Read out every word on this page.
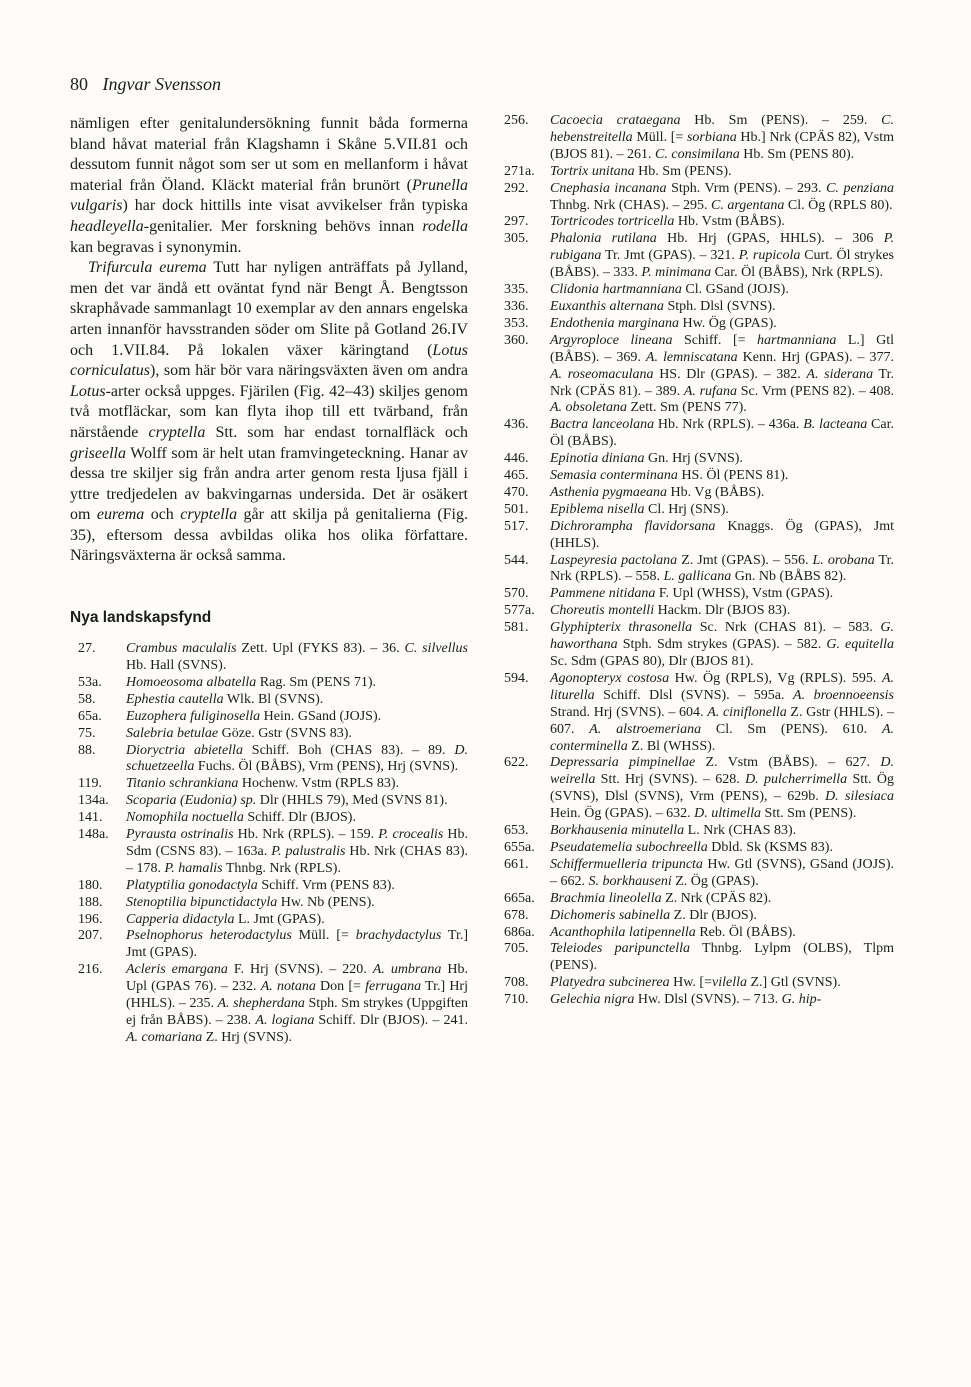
80 Ingvar Svensson

nämligen efter genitalundersökning funnit båda formerna bland håvat material från Klagshamn i Skåne 5.VII.81 och dessutom funnit något som ser ut som en mellanform i håvat material från Öland. Kläckt material från brunört (Prunella vulgaris) har dock hittills inte visat avvikelser från typiska headleyella-genitalier. Mer forskning behövs innan rodella kan begravas i synonymin.

Trifurcula eurema Tutt har nyligen anträffats på Jylland, men det var ändå ett oväntat fynd när Bengt Å. Bengtsson skraphåvade sammanlagt 10 exemplar av den annars engelska arten innanför havsstranden söder om Slite på Gotland 26.IV och 1.VII.84. På lokalen växer käringtand (Lotus corniculatus), som här bör vara näringsväxten även om andra Lotus-arter också uppges. Fjärilen (Fig. 42–43) skiljes genom två motfläckar, som kan flyta ihop till ett tvärband, från närstående cryptella Stt. som har endast tornalfläck och griseella Wolff som är helt utan framvingeteckning. Hanar av dessa tre skiljer sig från andra arter genom resta ljusa fjäll i yttre tredjedelen av bakvingarnas undersida. Det är osäkert om eurema och cryptella går att skilja på genitalierna (Fig. 35), eftersom dessa avbildas olika hos olika författare. Näringsväxterna är också samma.

Nya landskapsfynd
27.	Crambus maculalis Zett. Upl (FYKS 83). – 36. C. silvellus Hb. Hall (SVNS).
53a.	Homoeosoma albatella Rag. Sm (PENS 71).
58.	Ephestia cautella Wlk. Bl (SVNS).
65a.	Euzophera fuliginosella Hein. GSand (JOJS).
75.	Salebria betulae Göze. Gstr (SVNS 83).
88.	Dioryctria abietella Schiff. Boh (CHAS 83). – 89. D. schuetzeella Fuchs. Öl (BÅBS), Vrm (PENS), Hrj (SVNS).
119.	Titanio schrankiana Hochenw. Vstm (RPLS 83).
134a.	Scoparia (Eudonia) sp. Dlr (HHLS 79), Med (SVNS 81).
141.	Nomophila noctuella Schiff. Dlr (BJOS).
148a.	Pyrausta ostrinalis Hb. Nrk (RPLS). – 159. P. crocealis Hb. Sdm (CSNS 83). – 163a. P. palustralis Hb. Nrk (CHAS 83). – 178. P. hamalis Thnbg. Nrk (RPLS).
180.	Platyptilia gonodactyla Schiff. Vrm (PENS 83).
188.	Stenoptilia bipunctidactyla Hw. Nb (PENS).
196.	Capperia didactyla L. Jmt (GPAS).
207.	Pselnophorus heterodactylus Müll. [= brachydactylus Tr.] Jmt (GPAS).
216.	Acleris emargana F. Hrj (SVNS). – 220. A. umbrana Hb. Upl (GPAS 76). – 232. A. notana Don [= ferrugana Tr.] Hrj (HHLS). – 235. A. shepherdana Stph. Sm strykes (Uppgiften ej från BÅBS). – 238. A. logiana Schiff. Dlr (BJOS). – 241. A. comariana Z. Hrj (SVNS).
256.	Cacoecia crataegana Hb. Sm (PENS). – 259. C. hebenstreitella Müll. [= sorbiana Hb.] Nrk (CPÄS 82), Vstm (BJOS 81). – 261. C. consimilana Hb. Sm (PENS 80).
271a.	Tortrix unitana Hb. Sm (PENS).
292.	Cnephasia incanana Stph. Vrm (PENS). – 293. C. penziana Thnbg. Nrk (CHAS). – 295. C. argentana Cl. Ög (RPLS 80).
297.	Tortricodes tortricella Hb. Vstm (BÅBS).
305.	Phalonia rutilana Hb. Hrj (GPAS, HHLS). – 306 P. rubigana Tr. Jmt (GPAS). – 321. P. rupicola Curt. Öl strykes (BÅBS). – 333. P. minimana Car. Öl (BÅBS), Nrk (RPLS).
335.	Clidonia hartmanniana Cl. GSand (JOJS).
336.	Euxanthis alternana Stph. Dlsl (SVNS).
353.	Endothenia marginana Hw. Ög (GPAS).
360.	Argyroploce lineana Schiff. [= hartmanniana L.] Gtl (BÅBS). – 369. A. lemniscatana Kenn. Hrj (GPAS). – 377. A. roseomaculana HS. Dlr (GPAS). – 382. A. siderana Tr. Nrk (CPÄS 81). – 389. A. rufana Sc. Vrm (PENS 82). – 408. A. obsoletana Zett. Sm (PENS 77).
436.	Bactra lanceolana Hb. Nrk (RPLS). – 436a. B. lacteana Car. Öl (BÅBS).
446.	Epinotia diniana Gn. Hrj (SVNS).
465.	Semasia conterminana HS. Öl (PENS 81).
470.	Asthenia pygmaeana Hb. Vg (BÅBS).
501.	Epiblema nisella Cl. Hrj (SNS).
517.	Dichrorampha flavidorsana Knaggs. Ög (GPAS), Jmt (HHLS).
544.	Laspeyresia pactolana Z. Jmt (GPAS). – 556. L. orobana Tr. Nrk (RPLS). – 558. L. gallicana Gn. Nb (BÅBS 82).
570.	Pammene nitidana F. Upl (WHSS), Vstm (GPAS).
577a.	Choreutis montelli Hackm. Dlr (BJOS 83).
581.	Glyphipterix thrasonella Sc. Nrk (CHAS 81). – 583. G. haworthana Stph. Sdm strykes (GPAS). – 582. G. equitella Sc. Sdm (GPAS 80), Dlr (BJOS 81).
594.	Agonopteryx costosa Hw. Ög (RPLS), Vg (RPLS). 595. A. liturella Schiff. Dlsl (SVNS). – 595a. A. broennoeensis Strand. Hrj (SVNS). – 604. A. ciniflonella Z. Gstr (HHLS). – 607. A. alstroemeriana Cl. Sm (PENS). 610. A. conterminella Z. Bl (WHSS).
622.	Depressaria pimpinellae Z. Vstm (BÅBS). – 627. D. weirella Stt. Hrj (SVNS). – 628. D. pulcherrimella Stt. Ög (SVNS), Dlsl (SVNS), Vrm (PENS), – 629b. D. silesiaca Hein. Ög (GPAS). – 632. D. ultimella Stt. Sm (PENS).
653.	Borkhausenia minutella L. Nrk (CHAS 83).
655a.	Pseudatemelia subochreella Dbld. Sk (KSMS 83).
661.	Schiffermuelleria tripuncta Hw. Gtl (SVNS), GSand (JOJS). – 662. S. borkhauseni Z. Ög (GPAS).
665a.	Brachmia lineolella Z. Nrk (CPÄS 82).
678.	Dichomeris sabinella Z. Dlr (BJOS).
686a.	Acanthophila latipennella Reb. Öl (BÅBS).
705.	Teleiodes paripunctella Thnbg. Lylpm (OLBS), Tlpm (PENS).
708.	Platyedra subcinerea Hw. [=vilella Z.] Gtl (SVNS).
710.	Gelechia nigra Hw. Dlsl (SVNS). – 713. G. hip-
